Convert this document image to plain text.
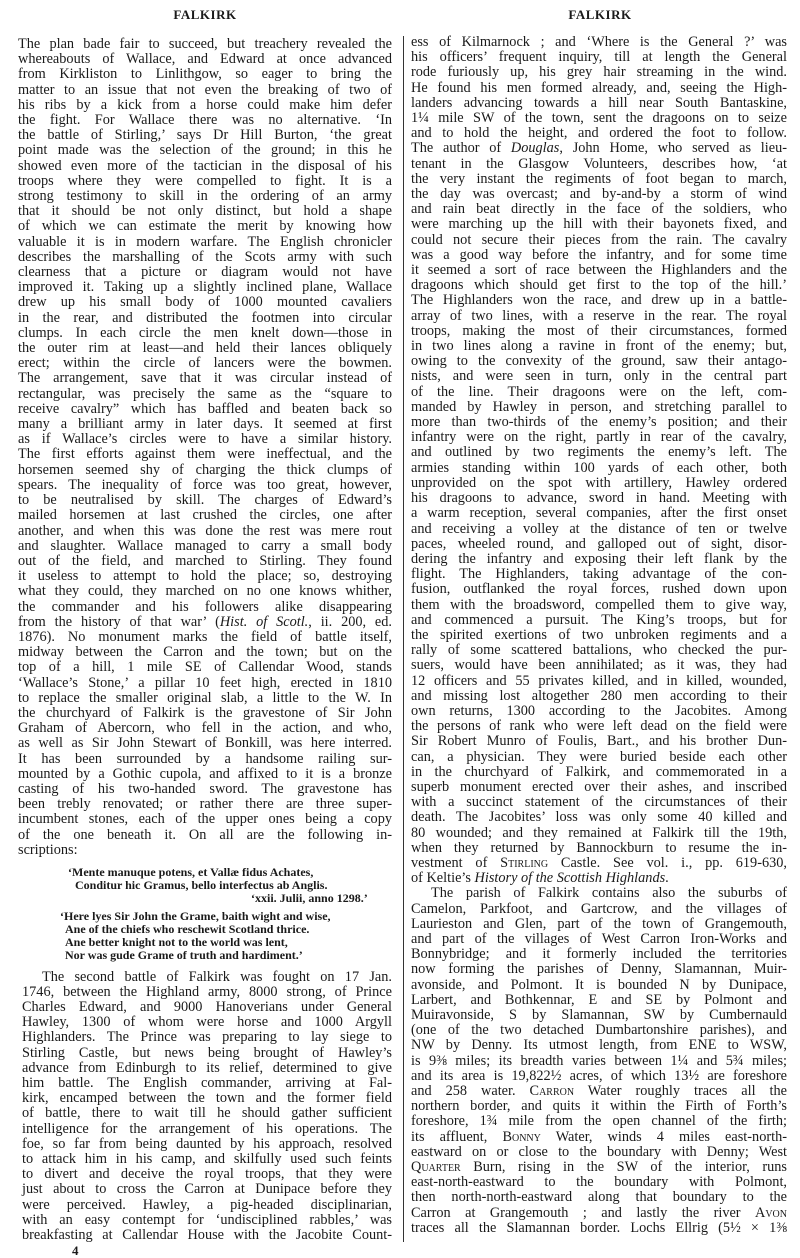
FALKIRK	FALKIRK
The plan bade fair to succeed, but treachery revealed the
whereabouts of Wallace, and Edward at once advanced
from Kirkliston to Linlithgow, so eager to bring the
matter to an issue that not even the breaking of two of
his ribs by a kick from a horse could make him defer
the fight. For Wallace there was no alternative. ‘In
the battle of Stirling,’ says Dr Hill Burton, ‘the great
point made was the selection of the ground; in this he
showed even more of the tactician in the disposal of his
troops where they were compelled to fight. It is a
strong testimony to skill in the ordering of an army
that it should be not only distinct, but hold a shape
of which we can estimate the merit by knowing how
valuable it is in modern warfare. The English chronicler
describes the marshalling of the Scots army with such
clearness that a picture or diagram would not have
improved it. Taking up a slightly inclined plane, Wallace
drew up his small body of 1000 mounted cavaliers
in the rear, and distributed the footmen into circular
clumps. In each circle the men knelt down—those in
the outer rim at least—and held their lances obliquely
erect; within the circle of lancers were the bowmen.
The arrangement, save that it was circular instead of
rectangular, was precisely the same as the “square to
receive cavalry” which has baffled and beaten back so
many a brilliant army in later days. It seemed at first
as if Wallace’s circles were to have a similar history.
The first efforts against them were ineffectual, and the
horsemen seemed shy of charging the thick clumps of
spears. The inequality of force was too great, however,
to be neutralised by skill. The charges of Edward’s
mailed horsemen at last crushed the circles, one after
another, and when this was done the rest was mere rout
and slaughter. Wallace managed to carry a small body
out of the field, and marched to Stirling. They found
it useless to attempt to hold the place; so, destroying
what they could, they marched on no one knows whither,
the commander and his followers alike disappearing
from the history of that war’ (Hist. of Scotl., ii. 200, ed.
1876). No monument marks the field of battle itself,
midway between the Carron and the town; but on the
top of a hill, 1 mile SE of Callendar Wood, stands
‘Wallace’s Stone,’ a pillar 10 feet high, erected in 1810
to replace the smaller original slab, a little to the W. In
the churchyard of Falkirk is the gravestone of Sir John
Graham of Abercorn, who fell in the action, and who,
as well as Sir John Stewart of Bonkill, was here interred.
It has been surrounded by a handsome railing sur-
mounted by a Gothic cupola, and affixed to it is a bronze
casting of his two-handed sword. The gravestone has
been trebly renovated; or rather there are three super-
incumbent stones, each of the upper ones being a copy
of the one beneath it. On all are the following in-
scriptions:
‘Mente manuque potens, et Vallæ fidus Achates,
Conditur hic Gramus, bello interfectus ab Anglis.
‘xxii. Julii, anno 1298.’
‘Here lyes Sir John the Grame, baith wight and wise,
Ane of the chiefs who reschewit Scotland thrice.
Ane better knight not to the world was lent,
Nor was gude Grame of truth and hardiment.’
The second battle of Falkirk was fought on 17 Jan.
1746, between the Highland army, 8000 strong, of Prince
Charles Edward, and 9000 Hanoverians under General
Hawley, 1300 of whom were horse and 1000 Argyll
Highlanders. The Prince was preparing to lay siege to
Stirling Castle, but news being brought of Hawley’s
advance from Edinburgh to its relief, determined to give
him battle. The English commander, arriving at Fal-
kirk, encamped between the town and the former field
of battle, there to wait till he should gather sufficient
intelligence for the arrangement of his operations. The
foe, so far from being daunted by his approach, resolved
to attack him in his camp, and skilfully used such feints
to divert and deceive the royal troops, that they were
just about to cross the Carron at Dunipace before they
were perceived. Hawley, a pig-headed disciplinarian,
with an easy contempt for ‘undisciplined rabbles,’ was
breakfasting at Callendar House with the Jacobite Count-
4
ess of Kilmarnock ; and ‘Where is the General ?’ was
his officers’ frequent inquiry, till at length the General
rode furiously up, his grey hair streaming in the wind.
He found his men formed already, and, seeing the High-
landers advancing towards a hill near South Bantaskine,
1¼ mile SW of the town, sent the dragoons on to seize
and to hold the height, and ordered the foot to follow.
The author of Douglas, John Home, who served as lieu-
tenant in the Glasgow Volunteers, describes how, ‘at
the very instant the regiments of foot began to march,
the day was overcast; and by-and-by a storm of wind
and rain beat directly in the face of the soldiers, who
were marching up the hill with their bayonets fixed, and
could not secure their pieces from the rain. The cavalry
was a good way before the infantry, and for some time
it seemed a sort of race between the Highlanders and the
dragoons which should get first to the top of the hill.’
The Highlanders won the race, and drew up in a battle-
array of two lines, with a reserve in the rear. The royal
troops, making the most of their circumstances, formed
in two lines along a ravine in front of the enemy; but,
owing to the convexity of the ground, saw their antago-
nists, and were seen in turn, only in the central part
of the line. Their dragoons were on the left, com-
manded by Hawley in person, and stretching parallel to
more than two-thirds of the enemy’s position; and their
infantry were on the right, partly in rear of the cavalry,
and outlined by two regiments the enemy’s left. The
armies standing within 100 yards of each other, both
unprovided on the spot with artillery, Hawley ordered
his dragoons to advance, sword in hand. Meeting with
a warm reception, several companies, after the first onset
and receiving a volley at the distance of ten or twelve
paces, wheeled round, and galloped out of sight, disor-
dering the infantry and exposing their left flank by the
flight. The Highlanders, taking advantage of the con-
fusion, outflanked the royal forces, rushed down upon
them with the broadsword, compelled them to give way,
and commenced a pursuit. The King’s troops, but for
the spirited exertions of two unbroken regiments and a
rally of some scattered battalions, who checked the pur-
suers, would have been annihilated; as it was, they had
12 officers and 55 privates killed, and in killed, wounded,
and missing lost altogether 280 men according to their
own returns, 1300 according to the Jacobites. Among
the persons of rank who were left dead on the field were
Sir Robert Munro of Foulis, Bart., and his brother Dun-
can, a physician. They were buried beside each other
in the churchyard of Falkirk, and commemorated in a
superb monument erected over their ashes, and inscribed
with a succinct statement of the circumstances of their
death. The Jacobites’ loss was only some 40 killed and
80 wounded; and they remained at Falkirk till the 19th,
when they returned by Bannockburn to resume the in-
vestment of Stirling Castle. See vol. i., pp. 619-630,
of Keltie’s History of the Scottish Highlands.
The parish of Falkirk contains also the suburbs of
Camelon, Parkfoot, and Gartcrow, and the villages of
Laurieston and Glen, part of the town of Grangemouth,
and part of the villages of West Carron Iron-Works and
Bonnybridge; and it formerly included the territories
now forming the parishes of Denny, Slamannan, Muir-
avonside, and Polmont. It is bounded N by Dunipace,
Larbert, and Bothkennar, E and SE by Polmont and
Muiravonside, S by Slamannan, SW by Cumbernauld
(one of the two detached Dumbartonshire parishes), and
NW by Denny. Its utmost length, from ENE to WSW,
is 9⅜ miles; its breadth varies between 1¼ and 5¾ miles;
and its area is 19,822½ acres, of which 13½ are foreshore
and 258 water. Carron Water roughly traces all the
northern border, and quits it within the Firth of Forth’s
foreshore, 1¾ mile from the open channel of the firth;
its affluent, Bonny Water, winds 4 miles east-north-
eastward on or close to the boundary with Denny; West
Quarter Burn, rising in the SW of the interior, runs
east-north-eastward to the boundary with Polmont,
then north-north-eastward along that boundary to the
Carron at Grangemouth ; and lastly the river Avon
traces all the Slamannan border. Lochs Ellrig (5½ × 1⅜
